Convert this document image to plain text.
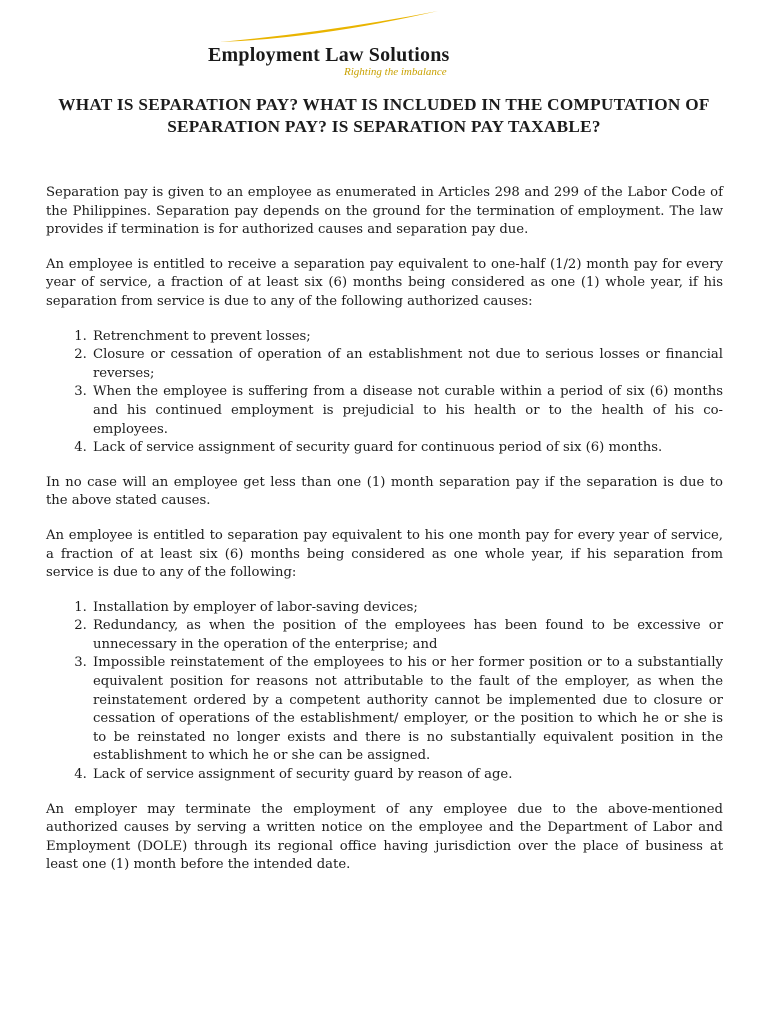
Employment Law Solutions
Righting the imbalance
WHAT IS SEPARATION PAY? WHAT IS INCLUDED IN THE COMPUTATION OF SEPARATION PAY? IS SEPARATION PAY TAXABLE?

Separation pay is given to an employee as enumerated in Articles 298 and 299 of the Labor Code of the Philippines. Separation pay depends on the ground for the termination of employment. The law provides if termination is for authorized causes and separation pay due.

An employee is entitled to receive a separation pay equivalent to one-half (1/2) month pay for every year of service, a fraction of at least six (6) months being considered as one (1) whole year, if his separation from service is due to any of the following authorized causes:

1. Retrenchment to prevent losses;
2. Closure or cessation of operation of an establishment not due to serious losses or financial reverses;
3. When the employee is suffering from a disease not curable within a period of six (6) months and his continued employment is prejudicial to his health or to the health of his co-employees.
4. Lack of service assignment of security guard for continuous period of six (6) months.

In no case will an employee get less than one (1) month separation pay if the separation is due to the above stated causes.

An employee is entitled to separation pay equivalent to his one month pay for every year of service, a fraction of at least six (6) months being considered as one whole year, if his separation from service is due to any of the following:

1. Installation by employer of labor-saving devices;
2. Redundancy, as when the position of the employees has been found to be excessive or unnecessary in the operation of the enterprise; and
3. Impossible reinstatement of the employees to his or her former position or to a substantially equivalent position for reasons not attributable to the fault of the employer, as when the reinstatement ordered by a competent authority cannot be implemented due to closure or cessation of operations of the establishment/ employer, or the position to which he or she is to be reinstated no longer exists and there is no substantially equivalent position in the establishment to which he or she can be assigned.
4. Lack of service assignment of security guard by reason of age.

An employer may terminate the employment of any employee due to the above-mentioned authorized causes by serving a written notice on the employee and the Department of Labor and Employment (DOLE) through its regional office having jurisdiction over the place of business at least one (1) month before the intended date.
